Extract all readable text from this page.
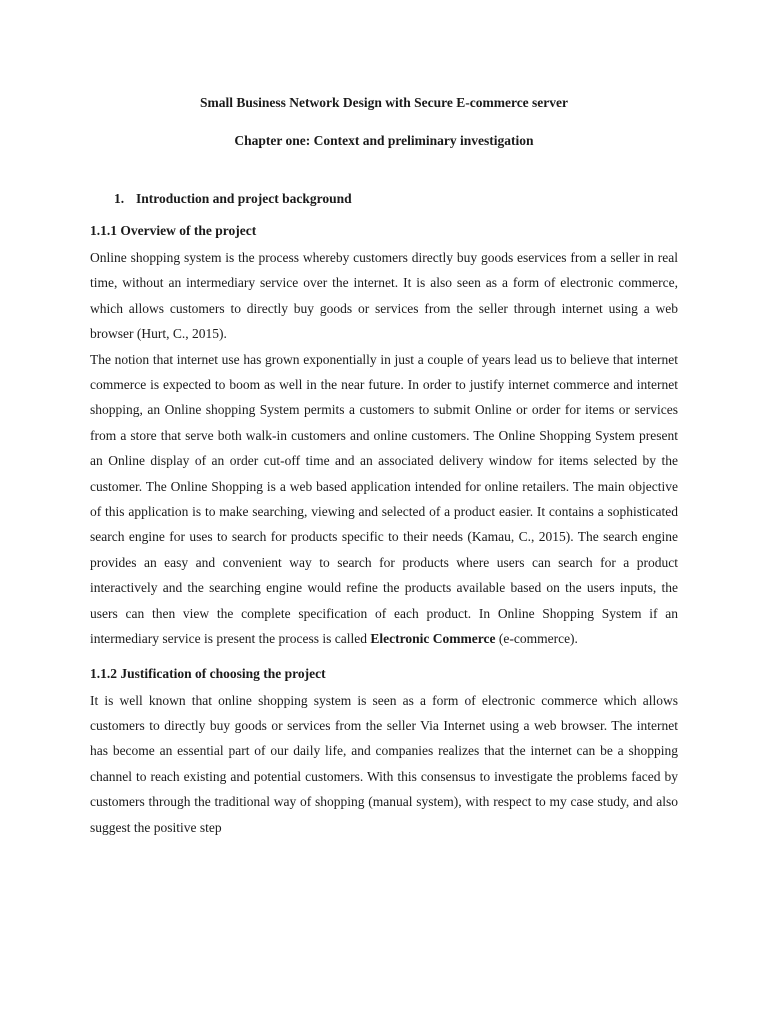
Small Business Network Design with Secure E-commerce server

Chapter one: Context and preliminary investigation

1. Introduction and project background

1.1.1 Overview of the project

Online shopping system is the process whereby customers directly buy goods eservices from a seller in real time, without an intermediary service over the internet. It is also seen as a form of electronic commerce, which allows customers to directly buy goods or services from the seller through internet using a web browser (Hurt, C., 2015).

The notion that internet use has grown exponentially in just a couple of years lead us to believe that internet commerce is expected to boom as well in the near future. In order to justify internet commerce and internet shopping, an Online shopping System permits a customers to submit Online or order for items or services from a store that serve both walk-in customers and online customers. The Online Shopping System present an Online display of an order cut-off time and an associated delivery window for items selected by the customer. The Online Shopping is a web based application intended for online retailers. The main objective of this application is to make searching, viewing and selected of a product easier. It contains a sophisticated search engine for uses to search for products specific to their needs (Kamau, C., 2015). The search engine provides an easy and convenient way to search for products where users can search for a product interactively and the searching engine would refine the products available based on the users inputs, the users can then view the complete specification of each product. In Online Shopping System if an intermediary service is present the process is called Electronic Commerce (e-commerce).

1.1.2 Justification of choosing the project

It is well known that online shopping system is seen as a form of electronic commerce which allows customers to directly buy goods or services from the seller Via Internet using a web browser. The internet has become an essential part of our daily life, and companies realizes that the internet can be a shopping channel to reach existing and potential customers. With this consensus to investigate the problems faced by customers through the traditional way of shopping (manual system), with respect to my case study, and also suggest the positive step
